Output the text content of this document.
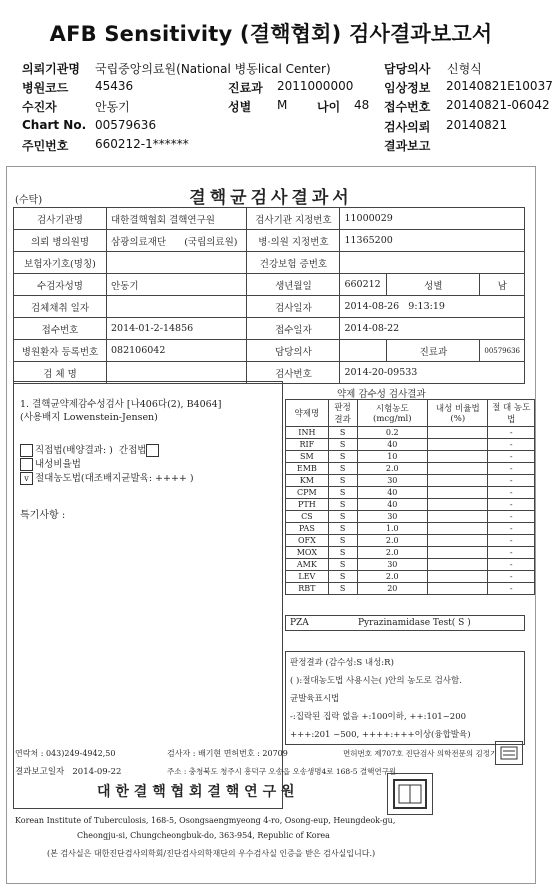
AFB Sensitivity (결핵협회) 검사결과보고서
의뢰기관명 국립중앙의료원(National 병동lical Center)	담당의사 신형식
병원코드 45436	진료과 2011000000	임상정보 20140821E10037
수진자	안동기	성별 M 나이 48 접수번호 20140821-06042
Chart No. 00579636	검사의뢰 20140821
주민번호 660212-1******	결과보고
(수탁)	결핵균검사결과서
검사기관명	대한결핵협회 결핵연구원	검사기관 지정번호	11000029		
의뢰 병의원명	삼광의료재단 (국립의료원)	병·의원 지정번호	11365200		
보험자기호(명칭)		건강보험 증번호			
수검자성명	안동기	생년월일	660212	성별	남
검체채취 일자		검사일자	2014-08-26 9:13:19		
접수번호	2014-01-2-14856	접수일자	2014-08-22		
병원환자 등록번호	082106042	담당의사		진료과	00579636
검 체 명		검사번호	2014-20-09533		
1. 결핵균약제감수성검사 [나406다(2), B4064]
(사용배지 Lowenstein-Jensen)
직접법(배양결과: ) 간접법
내성비율법
v 절대농도법(대조배지균발육: ++++ )
특기사항 :
약제 감수성 검사결과
약제명	판정 결과	시험농도 (mcg/ml)	내성 비율법(%)	절 대 농도법
INH	S	0.2		-
RIF	S	40		-
SM	S	10		-
EMB	S	2.0		-
KM	S	30		-
CPM	S	40		-
PTH	S	40		-
CS	S	30		-
PAS	S	1.0		-
OFX	S	2.0		-
MOX	S	2.0		-
AMK	S	30		-
LEV	S	2.0		-
RBT	S	20		-
PZA	Pyrazinamidase Test( S )
판정결과 (감수성:S 내성:R)
( ):절대농도법 사용시는( )안의 농도로 검사함.
균발육표시법
-:집락된 집락 없음 +:100이하, ++:101~200
+++:201 ~500, ++++:+++이상(융합발육)
연락처 : 043)249-4942,50	검사자 : 배기현 면허번호 : 20709	면허번호 제707호 진단검사 의학전문의 김정기
결과보고일자 2014-09-22	주소 : 충청북도 청주시 흥덕구 오송읍 오송생명4로 168-5 결핵연구원
대 한 결 핵 협 회 결 핵 연 구 원
Korean Institute of Tuberculosis, 168-5, Osongsaengmyeong 4-ro, Osong-eup, Heungdeok-gu,
Cheongju-si, Chungcheongbuk-do, 363-954, Republic of Korea
(본 검사실은 대한진단검사의학회/진단검사의학재단의 우수검사실 인증을 받은 검사실입니다.)
